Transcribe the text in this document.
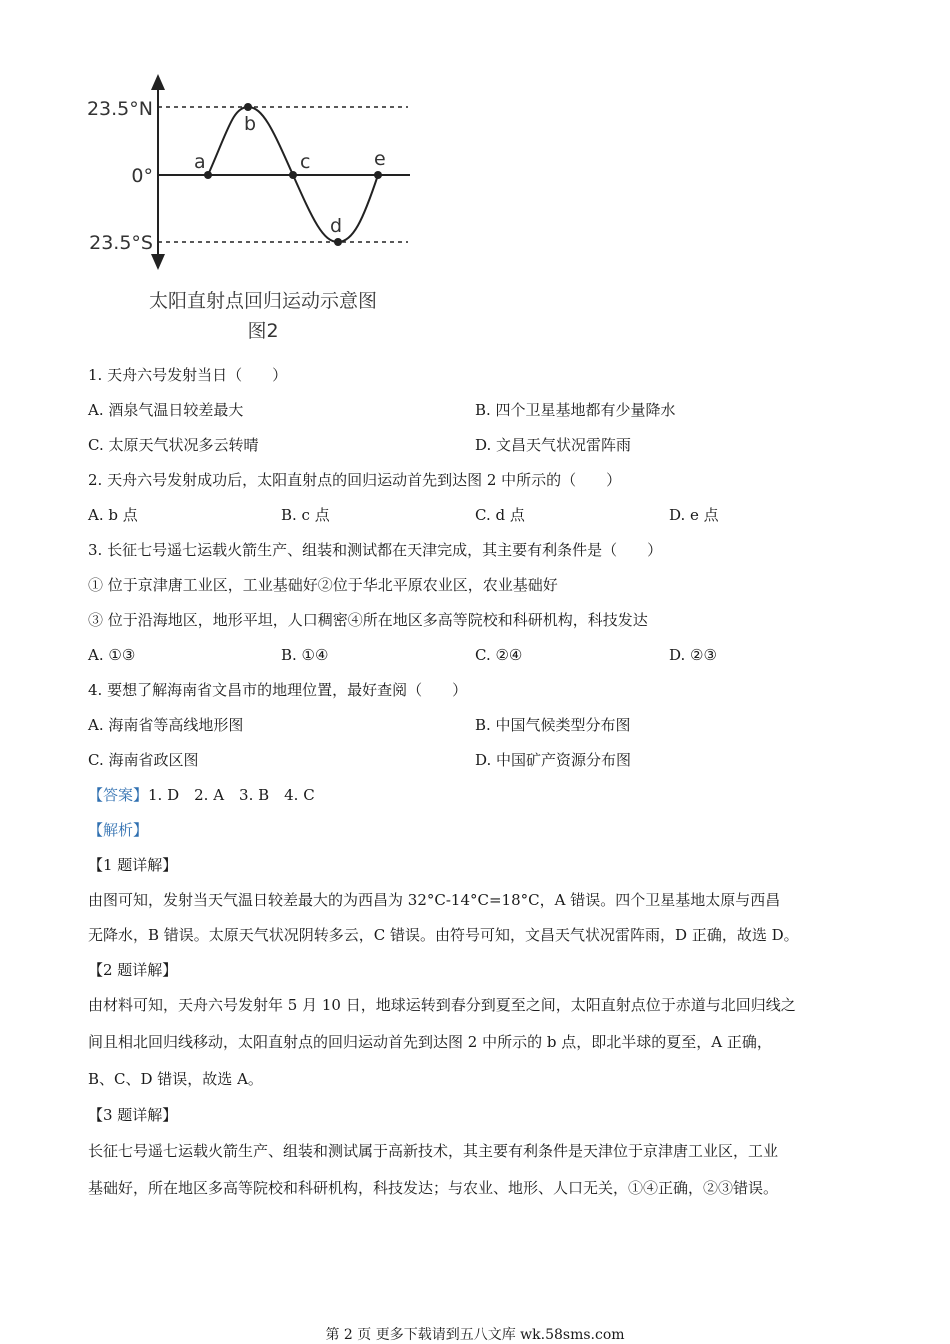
23.5°N
0°
23.5°S
a
b
c
d
e
太阳直射点回归运动示意图
图2
1. 天舟六号发射当日（　　）
A. 酒泉气温日较差最大	B. 四个卫星基地都有少量降水
C. 太原天气状况多云转晴	D. 文昌天气状况雷阵雨
2. 天舟六号发射成功后，太阳直射点的回归运动首先到达图 2 中所示的（　　）
A. b 点	B. c 点	C. d 点	D. e 点
3. 长征七号遥七运载火箭生产、组装和测试都在天津完成，其主要有利条件是（　　）
① 位于京津唐工业区，工业基础好②位于华北平原农业区，农业基础好
③ 位于沿海地区，地形平坦，人口稠密④所在地区多高等院校和科研机构，科技发达
A. ①③	B. ①④	C. ②④	D. ②③
4. 要想了解海南省文昌市的地理位置，最好查阅（　　）
A. 海南省等高线地形图	B. 中国气候类型分布图
C. 海南省政区图	D. 中国矿产资源分布图
【答案】1. D　2. A　3. B　4. C
【解析】
【1 题详解】
由图可知，发射当天气温日较差最大的为西昌为 32°C-14°C=18°C，A 错误。四个卫星基地太原与西昌
无降水，B 错误。太原天气状况阴转多云，C 错误。由符号可知，文昌天气状况雷阵雨，D 正确，故选 D。
【2 题详解】
由材料可知，天舟六号发射年 5 月 10 日，地球运转到春分到夏至之间，太阳直射点位于赤道与北回归线之
间且相北回归线移动，太阳直射点的回归运动首先到达图 2 中所示的 b 点，即北半球的夏至，A 正确，
B、C、D 错误，故选 A。
【3 题详解】
长征七号遥七运载火箭生产、组装和测试属于高新技术，其主要有利条件是天津位于京津唐工业区，工业
基础好，所在地区多高等院校和科研机构，科技发达；与农业、地形、人口无关，①④正确，②③错误。
第 2 页 更多下载请到五八文库 wk.58sms.com
